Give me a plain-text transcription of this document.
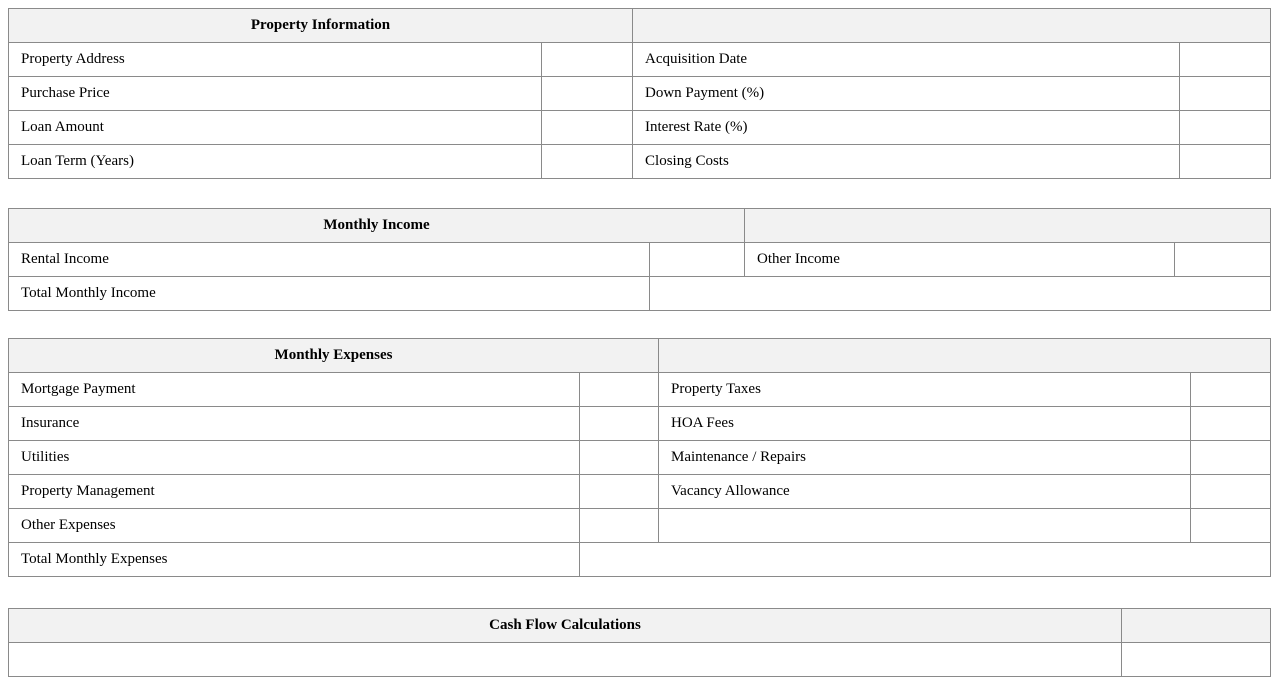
Property Information			
Property Address		Acquisition Date	
Purchase Price		Down Payment (%)	
Loan Amount		Interest Rate (%)	
Loan Term (Years)		Closing Costs	
Monthly Income			
Rental Income		Other Income	
Total Monthly Income			
Monthly Expenses			
Mortgage Payment		Property Taxes	
Insurance		HOA Fees	
Utilities		Maintenance / Repairs	
Property Management		Vacancy Allowance	
Other Expenses			
Total Monthly Expenses			
Cash Flow Calculations	
